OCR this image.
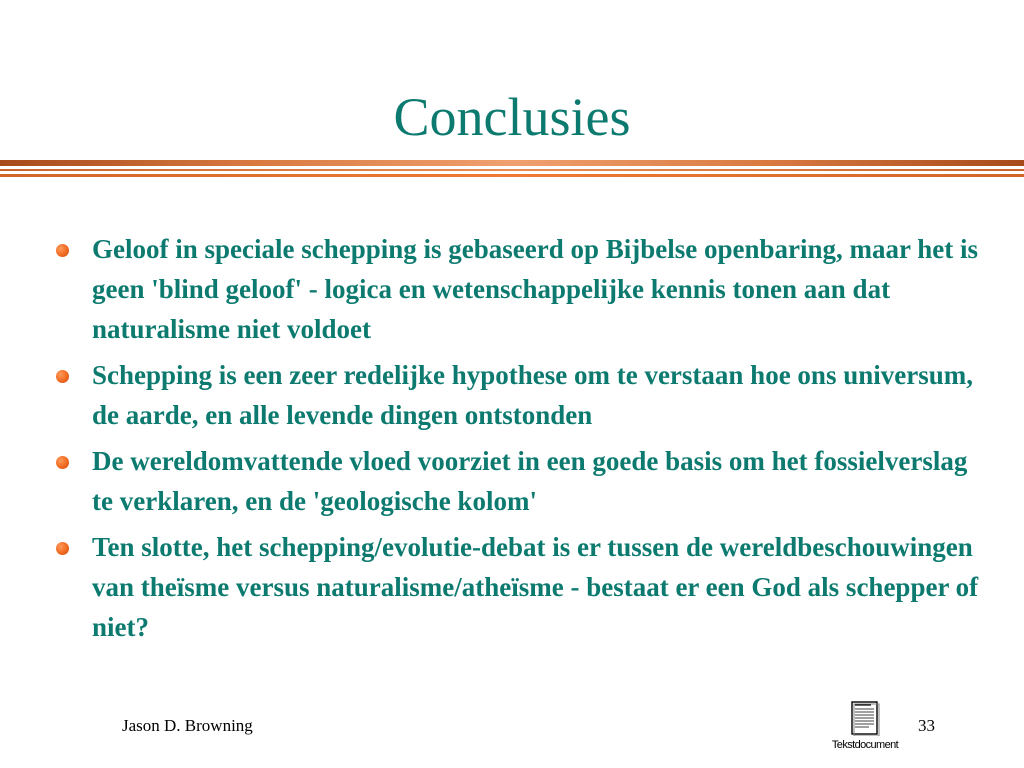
Conclusies
Geloof in speciale schepping is gebaseerd op Bijbelse openbaring, maar het is geen 'blind geloof' - logica en wetenschappelijke kennis tonen aan dat naturalisme niet voldoet
Schepping is een zeer redelijke hypothese om te verstaan hoe ons universum, de aarde, en alle levende dingen ontstonden
De wereldomvattende vloed voorziet in een goede basis om het fossielverslag te verklaren, en de 'geologische kolom'
Ten slotte, het schepping/evolutie-debat is er tussen de wereldbeschouwingen van theïsme versus naturalisme/atheïsme - bestaat er een God als schepper of niet?
Jason D. Browning
Tekstdocument
33
